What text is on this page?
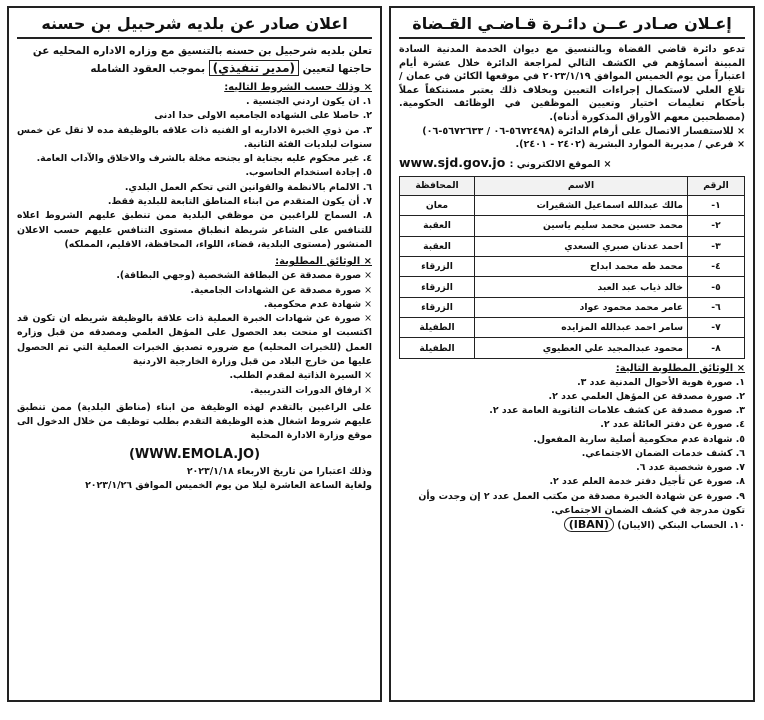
إعـلان صـادر عــن دائـرة قـاضـي القـضاة

تدعو دائرة قاضي القضاة وبالتنسيق مع ديوان الخدمة المدنية السادة المبينة أسماؤهم في الكشف التالي لمراجعة الدائرة خلال عشرة أيام اعتباراً من يوم الخميس الموافق ٢٠٢٣/١/١٩ في موقعها الكائن في عمان / تلاع العلي لاستكمال إجراءات التعيين وبخلاف ذلك يعتبر مستنكفاً عملاً بأحكام تعليمات اختيار وتعيين الموظفين في الوظائف الحكومية. (مصطحبين معهم الأوراق المذكورة أدناه).

× للاستفسار الاتصال على أرقام الدائرة (٥٦٧٢٤٩٨-٠٦ / ٥٦٧٢٦٣٣-٠٦)

× فرعي / مديرية الموارد البشرية (٢٤٠٢ - ٢٤٠١).

www.sjd.gov.jo × الموقع الالكتروني :
الرقم	الاسم	المحافظة
١-	مالك عبدالله اسماعيل الشقيرات	معان
٢-	محمد حسين محمد سليم ياسين	العقبة
٣-	احمد عدنان صبري السعدي	العقبة
٤-	محمد طه محمد ابداح	الزرقاء
٥-	خالد ذياب عبد العبد	الزرقاء
٦-	عامر محمد محمود عواد	الزرقاء
٧-	سامر احمد عبدالله المزايده	الطفيلة
٨-	محمود عبدالمجيد علي العطيوي	الطفيلة
× الوثائق المطلوبة التالية:
١. صورة هوية الأحوال المدنية عدد ٣.
٢. صورة مصدقة عن المؤهل العلمي عدد ٢.
٣. صورة مصدقة عن كشف علامات الثانوية العامة عدد ٢.
٤. صورة عن دفتر العائلة عدد ٢.
٥. شهادة عدم محكومية أصلية سارية المفعول.
٦. كشف خدمات الضمان الاجتماعي.
٧. صورة شخصية عدد ٦.
٨. صورة عن تأجيل دفتر خدمة العلم عدد ٢.
٩. صورة عن شهادة الخبرة مصدقة من مكتب العمل عدد ٢ إن وجدت وأن تكون مدرجة في كشف الضمان الاجتماعي.
١٠. الحساب البنكي (الايبان) (IBAN)
اعلان صادر عن بلديه شرحبيل بن حسنه

تعلن بلديه شرحبيل بن حسنه بالتنسيق مع وزاره الاداره المحليه عن حاجتها لتعيين (مدير تنفيذي) بموجب العقود الشامله

× وذلك حسب الشروط التاليه:
١. ان يكون اردني الجنسية .
٢. حاصلا على الشهاده الجامعيه الاولى حدا ادنى
٣. من ذوي الخبرة الاداريه او الفنيه ذات علاقه بالوظيفة مده لا تقل عن خمس سنوات لبلديات الفئة الثانية.
٤. غير محكوم عليه بجناية او بجنحه مخلة بالشرف والاخلاق والآداب العامة.
٥. إجادة استخدام الحاسوب.
٦. الالمام بالانظمة والقوانين التي تحكم العمل البلدي.
٧. أن يكون المتقدم من ابناء المناطق التابعة للبلدية فقط.
٨. السماح للراغبين من موظفي البلدية ممن تنطبق عليهم الشروط اعلاه للتنافس على الشاغر شريطة انطباق مستوى التنافس عليهم حسب الاعلان المنشور (مستوى البلدية، قضاء، اللواء، المحافظة، الاقليم، المملكه)
× الوثائق المطلوبة:
× صورة مصدقة عن البطاقة الشخصية (وجهي البطاقة).
× صورة مصدقة عن الشهادات الجامعية.
× شهادة عدم محكومية.
× صورة عن شهادات الخبرة العملية ذات علاقة بالوظيفة شريطه ان تكون قد اكتسبت او منحت بعد الحصول على المؤهل العلمي ومصدقه من قبل وزاره العمل (للخبرات المحليه) مع ضروره تصديق الخبرات العملية التي تم الحصول عليها من خارج البلاد من قبل وزارة الخارجية الاردنية
× السيرة الذاتية لمقدم الطلب.
× ارفاق الدورات التدريبية.

على الراغبين بالتقدم لهذه الوظيفة من ابناء (مناطق البلدية) ممن تنطبق عليهم شروط اشغال هذه الوظيفة التقدم بطلب توظيف من خلال الدخول الى موقع وزارة الادارة المحلية

(WWW.EMOLA.JO)

وذلك اعتبارا من تاريخ الاربعاء ٢٠٢٣/١/١٨

ولغاية الساعة العاشرة ليلا من يوم الخميس الموافق ٢٠٢٣/١/٢٦
